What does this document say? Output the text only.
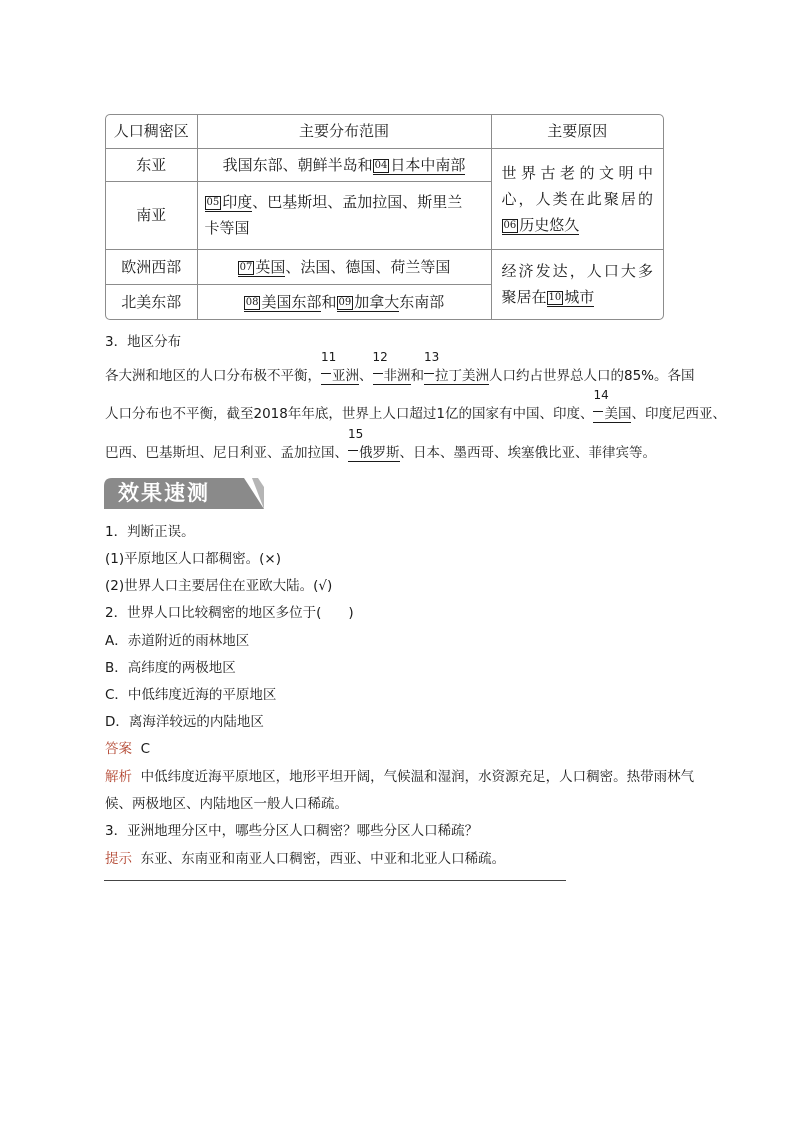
人口稠密区	主要分布范围	主要原因
东亚	我国东部、朝鲜半岛和 04 日本中南部	世界古老的文明中
心，人类在此聚居的
06 历史悠久

南亚	05 印度、巴基斯坦、孟加拉国、斯里兰
卡等国	

欧洲西部	07 英国、法国、德国、荷兰等国	经济发达，人口大多
聚居在 10 城市

北美东部	08 美国东部和 09 加拿大东南部	
3．地区分布
各大洲和地区的人口分布极不平衡，
11
亚洲、
12
非洲和
13
拉丁美洲人口约占世界总人口的85%。各国
人口分布也不平衡，截至2018年年底，世界上人口超过1亿的国家有中国、印度、
14
美国、印度尼西亚、
巴西、巴基斯坦、尼日利亚、孟加拉国、
15
俄罗斯、日本、墨西哥、埃塞俄比亚、菲律宾等。
效果速测
1．判断正误。
(1)平原地区人口都稠密。(×)
(2)世界人口主要居住在亚欧大陆。(√)
2．世界人口比较稠密的地区多位于(　　)
A．赤道附近的雨林地区
B．高纬度的两极地区
C．中低纬度近海的平原地区
D．离海洋较远的内陆地区
答案 C
解析 中低纬度近海平原地区，地形平坦开阔，气候温和湿润，水资源充足，人口稠密。热带雨林气
候、两极地区、内陆地区一般人口稀疏。
3．亚洲地理分区中，哪些分区人口稠密？哪些分区人口稀疏？
提示 东亚、东南亚和南亚人口稠密，西亚、中亚和北亚人口稀疏。
